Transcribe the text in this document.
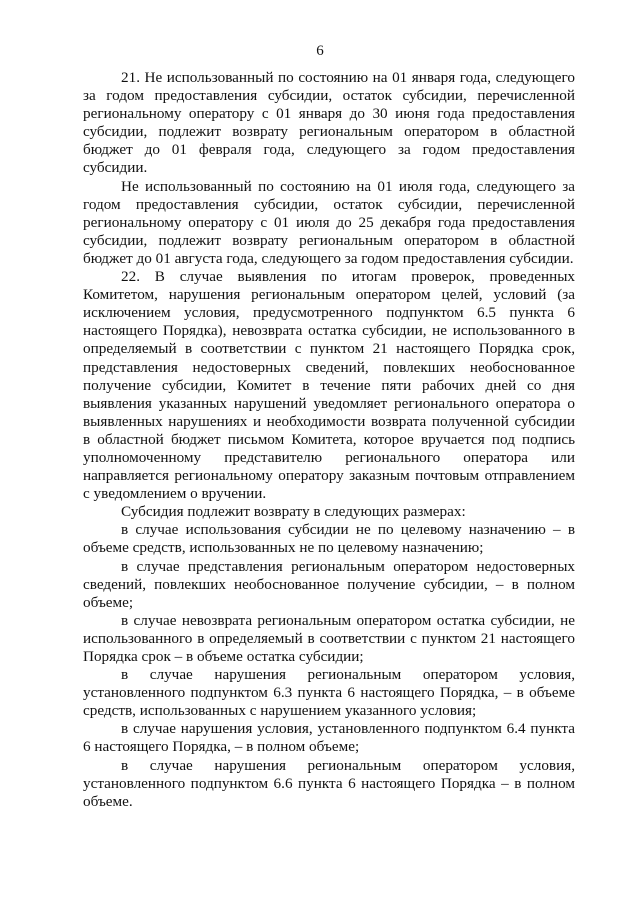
6

21. Не использованный по состоянию на 01 января года, следующего за годом предоставления субсидии, остаток субсидии, перечисленной региональному оператору с 01 января до 30 июня года предоставления субсидии, подлежит возврату региональным оператором в областной бюджет до 01 февраля года, следующего за годом предоставления субсидии.

Не использованный по состоянию на 01 июля года, следующего за годом предоставления субсидии, остаток субсидии, перечисленной региональному оператору с 01 июля до 25 декабря года предоставления субсидии, подлежит возврату региональным оператором в областной бюджет до 01 августа года, следующего за годом предоставления субсидии.

22. В случае выявления по итогам проверок, проведенных Комитетом, нарушения региональным оператором целей, условий (за исключением условия, предусмотренного подпунктом 6.5 пункта 6 настоящего Порядка), невозврата остатка субсидии, не использованного в определяемый в соответствии с пунктом 21 настоящего Порядка срок, представления недостоверных сведений, повлекших необоснованное получение субсидии, Комитет в течение пяти рабочих дней со дня выявления указанных нарушений уведомляет регионального оператора о выявленных нарушениях и необходимости возврата полученной субсидии в областной бюджет письмом Комитета, которое вручается под подпись уполномоченному представителю регионального оператора или направляется региональному оператору заказным почтовым отправлением с уведомлением о вручении.

Субсидия подлежит возврату в следующих размерах:

в случае использования субсидии не по целевому назначению – в объеме средств, использованных не по целевому назначению;

в случае представления региональным оператором недостоверных сведений, повлекших необоснованное получение субсидии, – в полном объеме;

в случае невозврата региональным оператором остатка субсидии, не использованного в определяемый в соответствии с пунктом 21 настоящего Порядка срок – в объеме остатка субсидии;

в случае нарушения региональным оператором условия, установленного подпунктом 6.3 пункта 6 настоящего Порядка, – в объеме средств, использованных с нарушением указанного условия;

в случае нарушения условия, установленного подпунктом 6.4 пункта 6 настоящего Порядка, – в полном объеме;

в случае нарушения региональным оператором условия, установленного подпунктом 6.6 пункта 6 настоящего Порядка – в полном объеме.
